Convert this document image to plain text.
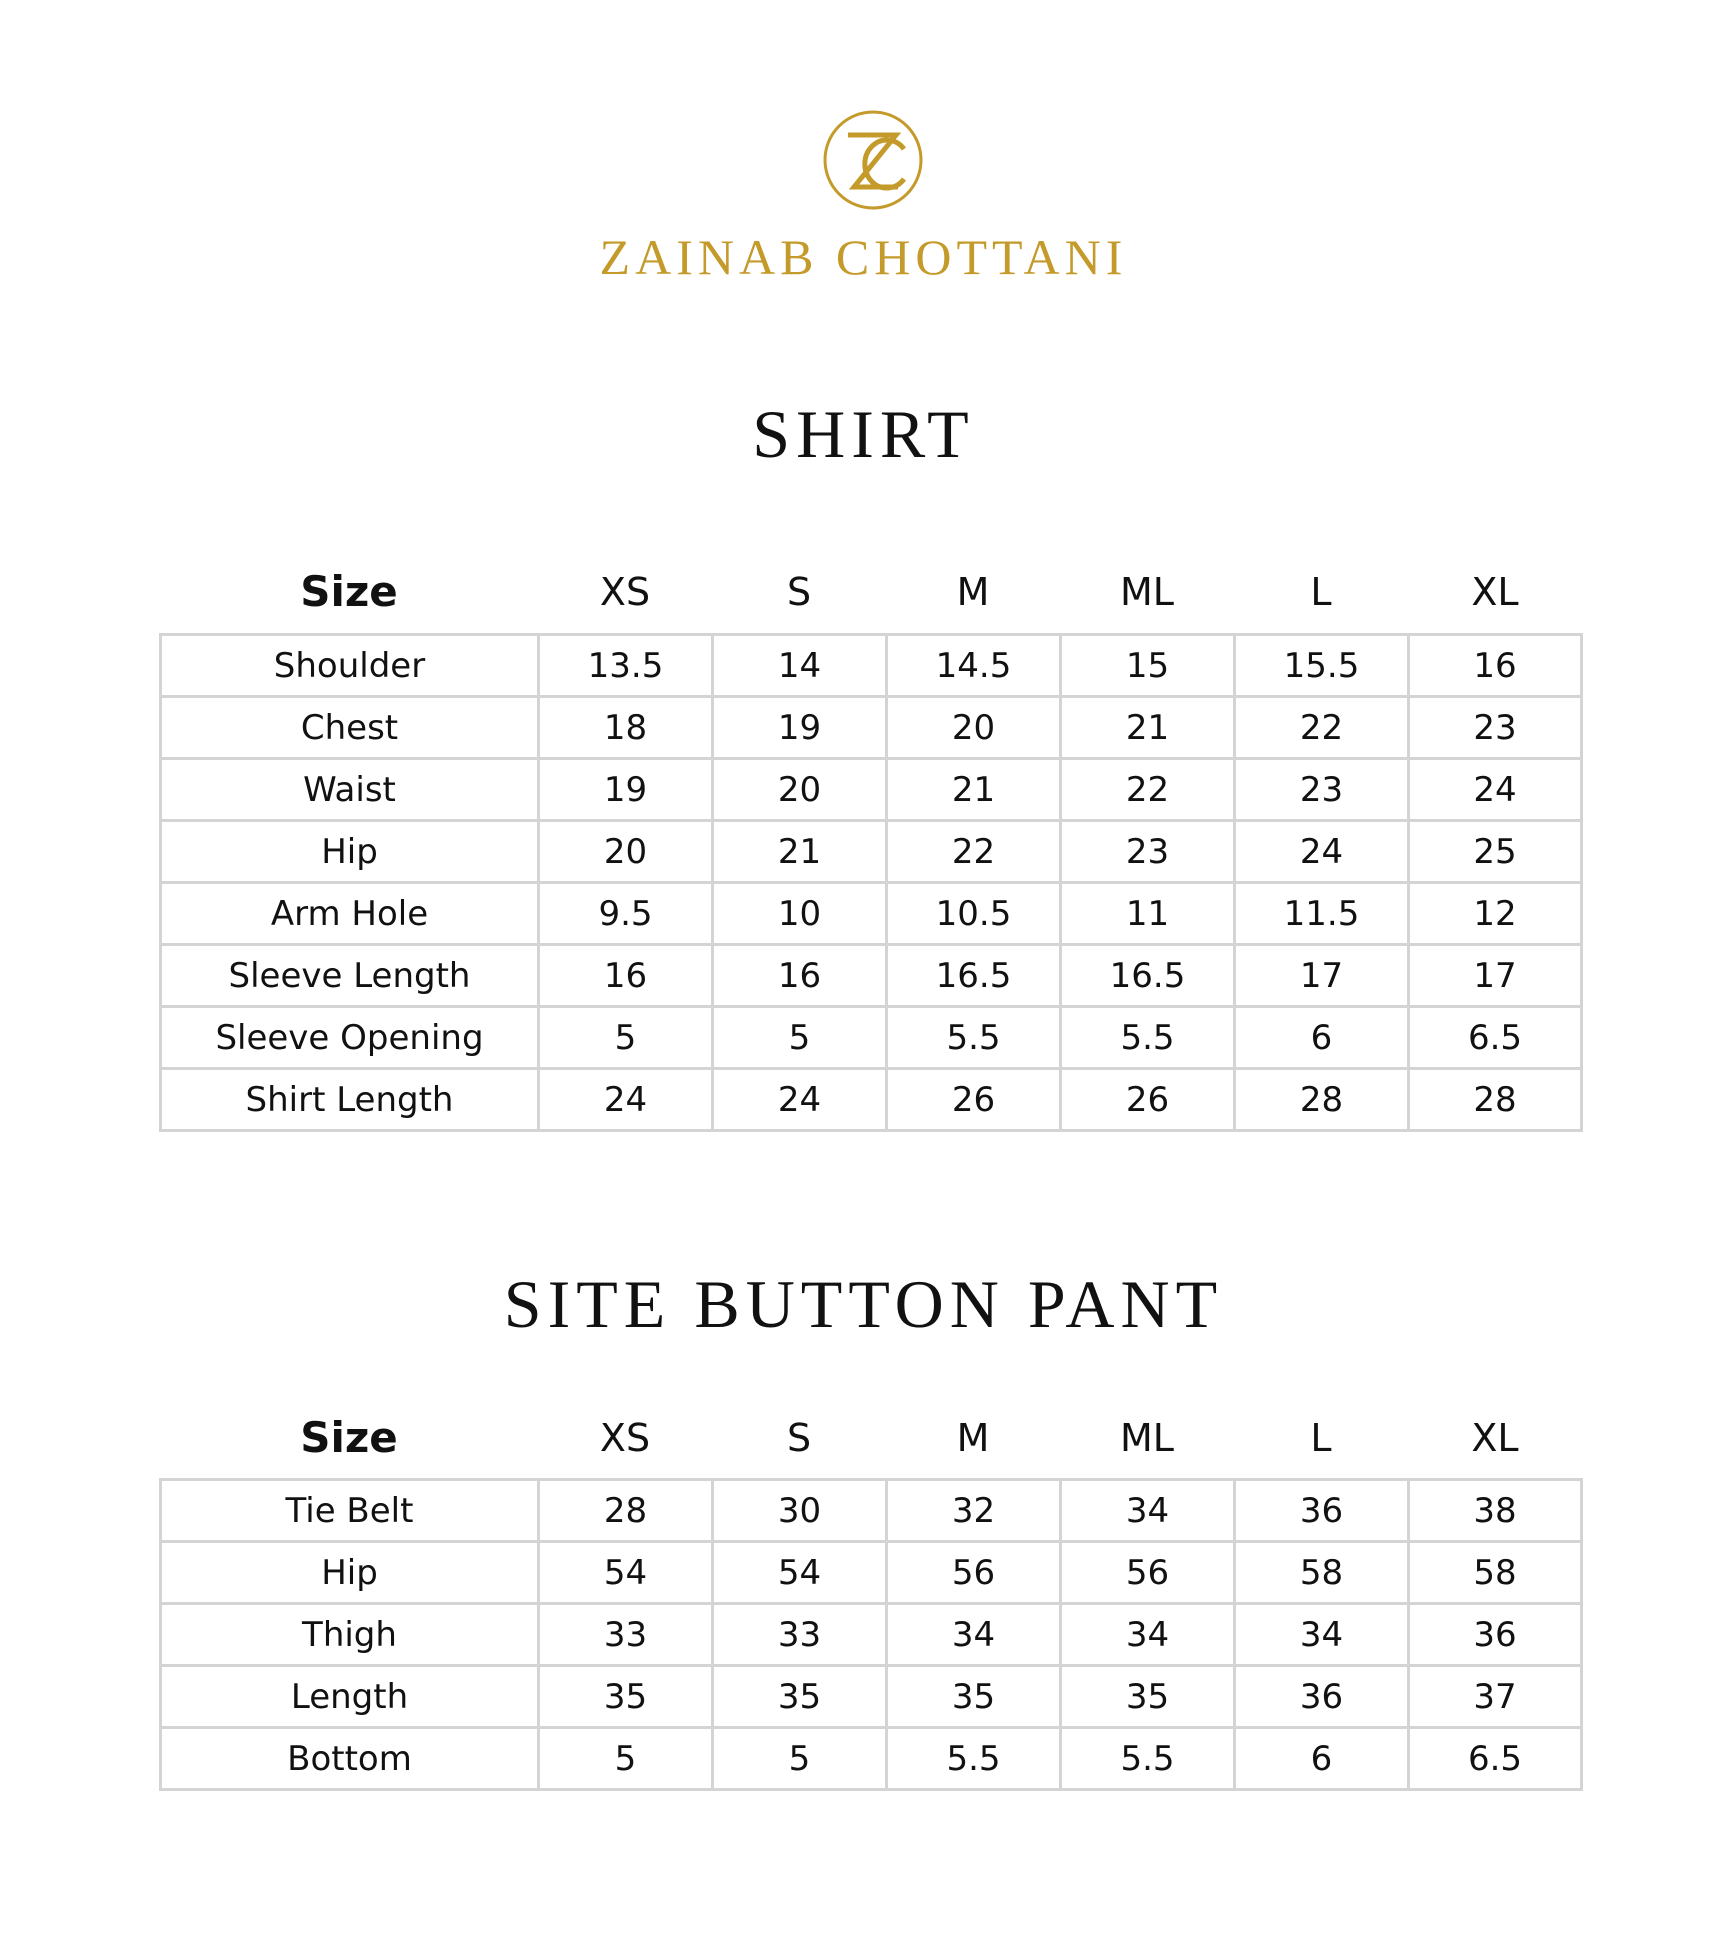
ZAINAB CHOTTANI
SHIRT
Size	XS	S	M	ML	L	XL
Shoulder	13.5	14	14.5	15	15.5	16
Chest	18	19	20	21	22	23
Waist	19	20	21	22	23	24
Hip	20	21	22	23	24	25
Arm Hole	9.5	10	10.5	11	11.5	12
Sleeve Length	16	16	16.5	16.5	17	17
Sleeve Opening	5	5	5.5	5.5	6	6.5
Shirt Length	24	24	26	26	28	28
SITE BUTTON PANT
Size	XS	S	M	ML	L	XL
Tie Belt	28	30	32	34	36	38
Hip	54	54	56	56	58	58
Thigh	33	33	34	34	34	36
Length	35	35	35	35	36	37
Bottom	5	5	5.5	5.5	6	6.5
